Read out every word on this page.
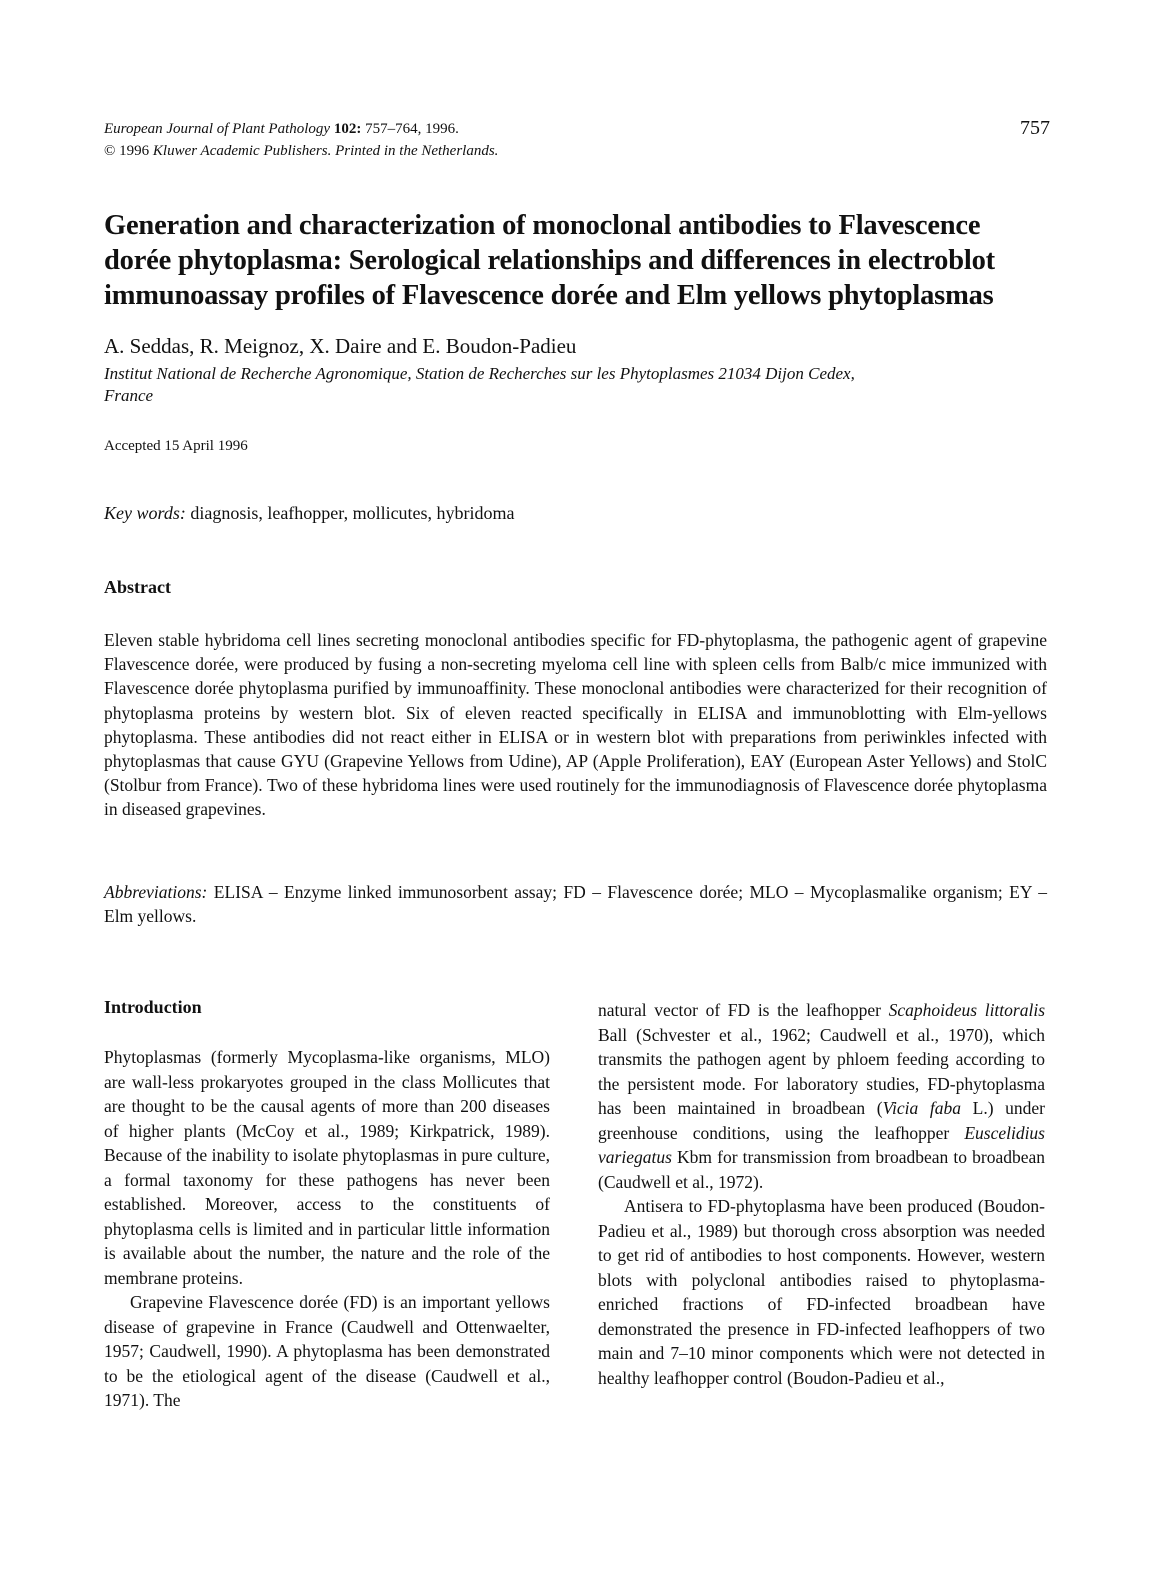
European Journal of Plant Pathology 102: 757–764, 1996.
© 1996 Kluwer Academic Publishers. Printed in the Netherlands.
757
Generation and characterization of monoclonal antibodies to Flavescence
dorée phytoplasma: Serological relationships and differences in electroblot
immunoassay profiles of Flavescence dorée and Elm yellows phytoplasmas
A. Seddas, R. Meignoz, X. Daire and E. Boudon-Padieu
Institut National de Recherche Agronomique, Station de Recherches sur les Phytoplasmes 21034 Dijon Cedex,
France
Accepted 15 April 1996
Key words: diagnosis, leafhopper, mollicutes, hybridoma
Abstract
Eleven stable hybridoma cell lines secreting monoclonal antibodies specific for FD-phytoplasma, the pathogenic agent of grapevine Flavescence dorée, were produced by fusing a non-secreting myeloma cell line with spleen cells from Balb/c mice immunized with Flavescence dorée phytoplasma purified by immunoaffinity. These monoclonal antibodies were characterized for their recognition of phytoplasma proteins by western blot. Six of eleven reacted specifically in ELISA and immunoblotting with Elm-yellows phytoplasma. These antibodies did not react either in ELISA or in western blot with preparations from periwinkles infected with phytoplasmas that cause GYU (Grapevine Yellows from Udine), AP (Apple Proliferation), EAY (European Aster Yellows) and StolC (Stolbur from France). Two of these hybridoma lines were used routinely for the immunodiagnosis of Flavescence dorée phytoplasma in diseased grapevines.
Abbreviations: ELISA – Enzyme linked immunosorbent assay; FD – Flavescence dorée; MLO – Mycoplasmalike organism; EY – Elm yellows.
Introduction

Phytoplasmas (formerly Mycoplasma-like organisms, MLO) are wall-less prokaryotes grouped in the class Mollicutes that are thought to be the causal agents of more than 200 diseases of higher plants (McCoy et al., 1989; Kirkpatrick, 1989). Because of the inability to isolate phytoplasmas in pure culture, a formal taxonomy for these pathogens has never been established. Moreover, access to the constituents of phytoplasma cells is limited and in particular little information is available about the number, the nature and the role of the membrane proteins.

Grapevine Flavescence dorée (FD) is an important yellows disease of grapevine in France (Caudwell and Ottenwaelter, 1957; Caudwell, 1990). A phytoplasma has been demonstrated to be the etiological agent of the disease (Caudwell et al., 1971). The

natural vector of FD is the leafhopper Scaphoideus littoralis Ball (Schvester et al., 1962; Caudwell et al., 1970), which transmits the pathogen agent by phloem feeding according to the persistent mode. For laboratory studies, FD-phytoplasma has been maintained in broadbean (Vicia faba L.) under greenhouse conditions, using the leafhopper Euscelidius variegatus Kbm for transmission from broadbean to broadbean (Caudwell et al., 1972).

Antisera to FD-phytoplasma have been produced (Boudon-Padieu et al., 1989) but thorough cross absorption was needed to get rid of antibodies to host components. However, western blots with polyclonal antibodies raised to phytoplasma-enriched fractions of FD-infected broadbean have demonstrated the presence in FD-infected leafhoppers of two main and 7–10 minor components which were not detected in healthy leafhopper control (Boudon-Padieu et al.,
